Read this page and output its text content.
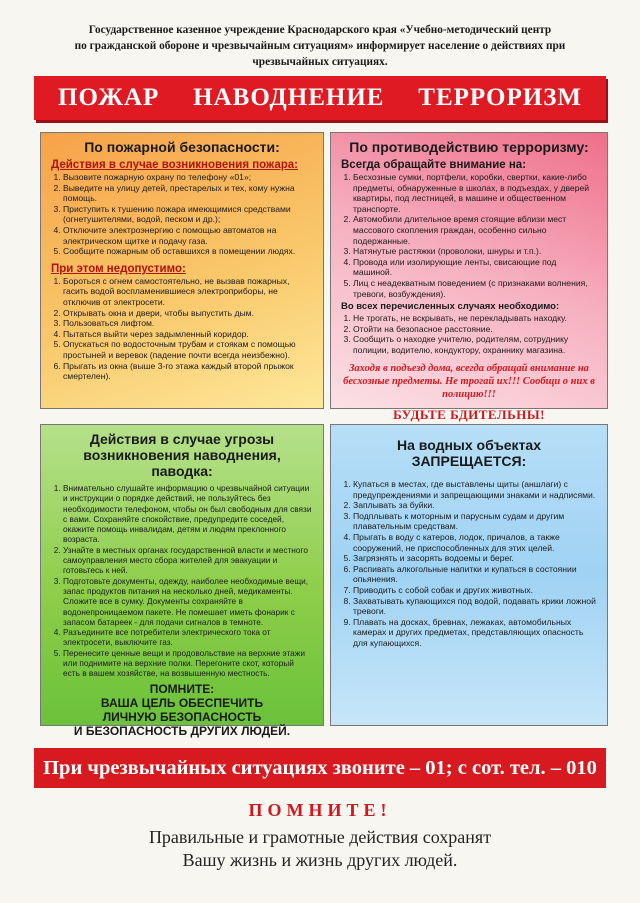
Государственное казенное учреждение Краснодарского края «Учебно-методический центр
по гражданской обороне и чрезвычайным ситуациям» информирует население о действиях при
чрезвычайных ситуациях.
ПОЖАР НАВОДНЕНИЕ ТЕРРОРИЗМ
По пожарной безопасности:
Действия в случае возникновения пожара:
1. Вызовите пожарную охрану по телефону «01»;
2. Выведите на улицу детей, престарелых и тех, кому нужна помощь.
3. Приступить к тушению пожара имеющимися средствами (огнетушителями, водой, песком и др.);
4. Отключите электроэнергию с помощью автоматов на электрическом щитке и подачу газа.
5. Сообщите пожарным об оставшихся в помещении людях.
При этом недопустимо:
1. Бороться с огнем самостоятельно, не вызвав пожарных, гасить водой воспламенившиеся электроприборы, не отключив от электросети.
2. Открывать окна и двери, чтобы выпустить дым.
3. Пользоваться лифтом.
4. Пытаться выйти через задымленный коридор.
5. Опускаться по водосточным трубам и стоякам с помощью простыней и веревок (падение почти всегда неизбежно).
6. Прыгать из окна (выше 3-го этажа каждый второй прыжок смертелен).
По противодействию терроризму:
Всегда обращайте внимание на:
1. Бесхозные сумки, портфели, коробки, свертки, какие-либо предметы, обнаруженные в школах, в подъездах, у дверей квартиры, под лестницей, в машине и общественном транспорте.
2. Автомобили длительное время стоящие вблизи мест массового скопления граждан, особенно сильно подержанные.
3. Натянутые растяжки (проволоки, шнуры и т.п.).
4. Провода или изолирующие ленты, свисающие под машиной.
5. Лиц с неадекватным поведением (с признаками волнения, тревоги, возбуждения).
Во всех перечисленных случаях необходимо:
1. Не трогать, не вскрывать, не перекладывать находку.
2. Отойти на безопасное расстояние.
3. Сообщить о находке учителю, родителям, сотруднику полиции, водителю, кондуктору, охраннику магазина.
Заходя в подъезд дома, всегда обращай внимание на бесхозные предметы. Не трогай их!!! Сообщи о них в полицию!!!
БУДЬТЕ БДИТЕЛЬНЫ!
Действия в случае угрозы возникновения наводнения, паводка:
1. Внимательно слушайте информацию о чрезвычайной ситуации и инструкции о порядке действий, не пользуйтесь без необходимости телефоном, чтобы он был свободным для связи с вами. Сохраняйте спокойствие, предупредите соседей, окажите помощь инвалидам, детям и людям преклонного возраста.
2. Узнайте в местных органах государственной власти и местного самоуправления место сбора жителей для эвакуации и готовьтесь к ней.
3. Подготовьте документы, одежду, наиболее необходимые вещи, запас продуктов питания на несколько дней, медикаменты. Сложите все в сумку. Документы сохраняйте в водонепроницаемом пакете. Не помешает иметь фонарик с запасом батареек - для подачи сигналов в темноте.
4. Разъедините все потребители электрического тока от электросети, выключите газ.
5. Перенесите ценные вещи и продовольствие на верхние этажи или поднимите на верхние полки. Перегоните скот, который есть в вашем хозяйстве, на возвышенную местность.
ПОМНИТЕ:
ВАША ЦЕЛЬ ОБЕСПЕЧИТЬ
ЛИЧНУЮ БЕЗОПАСНОСТЬ
И БЕЗОПАСНОСТЬ ДРУГИХ ЛЮДЕЙ.
На водных объектах
ЗАПРЕЩАЕТСЯ:
1. Купаться в местах, где выставлены щиты (аншлаги) с предупреждениями и запрещающими знаками и надписями.
2. Заплывать за буйки.
3. Подплывать к моторным и парусным судам и другим плавательным средствам.
4. Прыгать в воду с катеров, лодок, причалов, а также сооружений, не приспособленных для этих целей.
5. Загрязнять и засорять водоемы и берег.
6. Распивать алкогольные напитки и купаться в состоянии опьянения.
7. Приводить с собой собак и других животных.
8. Захватывать купающихся под водой, подавать крики ложной тревоги.
9. Плавать на досках, бревнах, лежаках, автомобильных камерах и других предметах, представляющих опасность для купающихся.
При чрезвычайных ситуациях звоните – 01; с сот. тел. – 010
ПОМНИТЕ!
Правильные и грамотные действия сохранят
Вашу жизнь и жизнь других людей.
